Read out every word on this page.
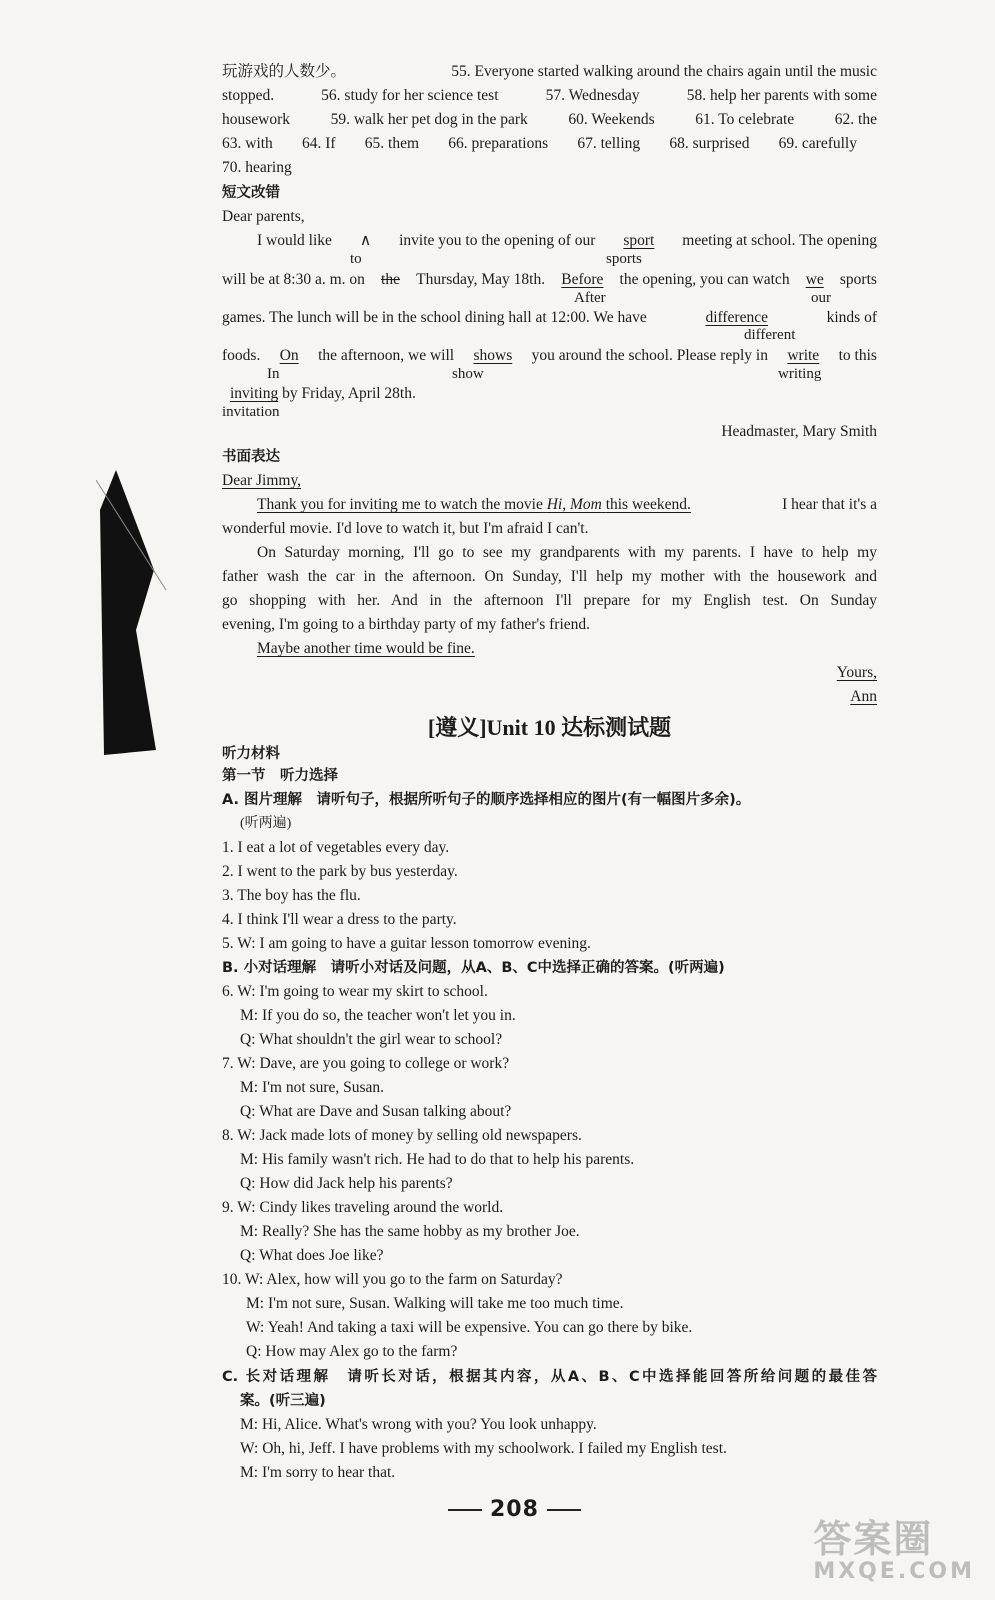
玩游戏的人数少。	55. Everyone started walking around the chairs again until the music
stopped.	56. study for her science test	57. Wednesday	58. help her parents with some
housework	59. walk her pet dog in the park	60. Weekends	61. To celebrate	62. the
63. with 64. If 65. them 66. preparations 67. telling 68. surprised 69. carefully
70. hearing
短文改错
Dear parents,
I would like ∧ invite you to the opening of our sport meeting at school. The opening
to	sports
will be at 8:30 a. m. on the Thursday, May 18th. Before the opening, you can watch we sports
After	our
games. The lunch will be in the school dining hall at 12:00. We have	difference	kinds of
different
foods. On the afternoon, we will shows you around the school. Please reply in write to this
In	show	writing
inviting by Friday, April 28th.
invitation
Headmaster, Mary Smith
书面表达
Dear Jimmy,
Thank you for inviting me to watch the movie Hi, Mom this weekend.	I hear that it's a
wonderful movie. I'd love to watch it, but I'm afraid I can't.
On Saturday morning, I'll go to see my grandparents with my parents. I have to help my
father wash the car in the afternoon. On Sunday, I'll help my mother with the housework and
go shopping with her. And in the afternoon I'll prepare for my English test. On Sunday
evening, I'm going to a birthday party of my father's friend.
Maybe another time would be fine.
Yours,
Ann
[遵义]Unit 10 达标测试题
听力材料
第一节　听力选择
A. 图片理解　请听句子，根据所听句子的顺序选择相应的图片(有一幅图片多余)。
(听两遍)
1. I eat a lot of vegetables every day.
2. I went to the park by bus yesterday.
3. The boy has the flu.
4. I think I'll wear a dress to the party.
5. W: I am going to have a guitar lesson tomorrow evening.
B. 小对话理解　请听小对话及问题，从A、B、C中选择正确的答案。(听两遍)
6. W: I'm going to wear my skirt to school.
M: If you do so, the teacher won't let you in.
Q: What shouldn't the girl wear to school?
7. W: Dave, are you going to college or work?
M: I'm not sure, Susan.
Q: What are Dave and Susan talking about?
8. W: Jack made lots of money by selling old newspapers.
M: His family wasn't rich. He had to do that to help his parents.
Q: How did Jack help his parents?
9. W: Cindy likes traveling around the world.
M: Really? She has the same hobby as my brother Joe.
Q: What does Joe like?
10. W: Alex, how will you go to the farm on Saturday?
M: I'm not sure, Susan. Walking will take me too much time.
W: Yeah! And taking a taxi will be expensive. You can go there by bike.
Q: How may Alex go to the farm?
C. 长对话理解　请听长对话，根据其内容，从A、B、C中选择能回答所给问题的最佳答
案。(听三遍)
M: Hi, Alice. What's wrong with you? You look unhappy.
W: Oh, hi, Jeff. I have problems with my schoolwork. I failed my English test.
M: I'm sorry to hear that.
208
答案圈
MXQE.COM
